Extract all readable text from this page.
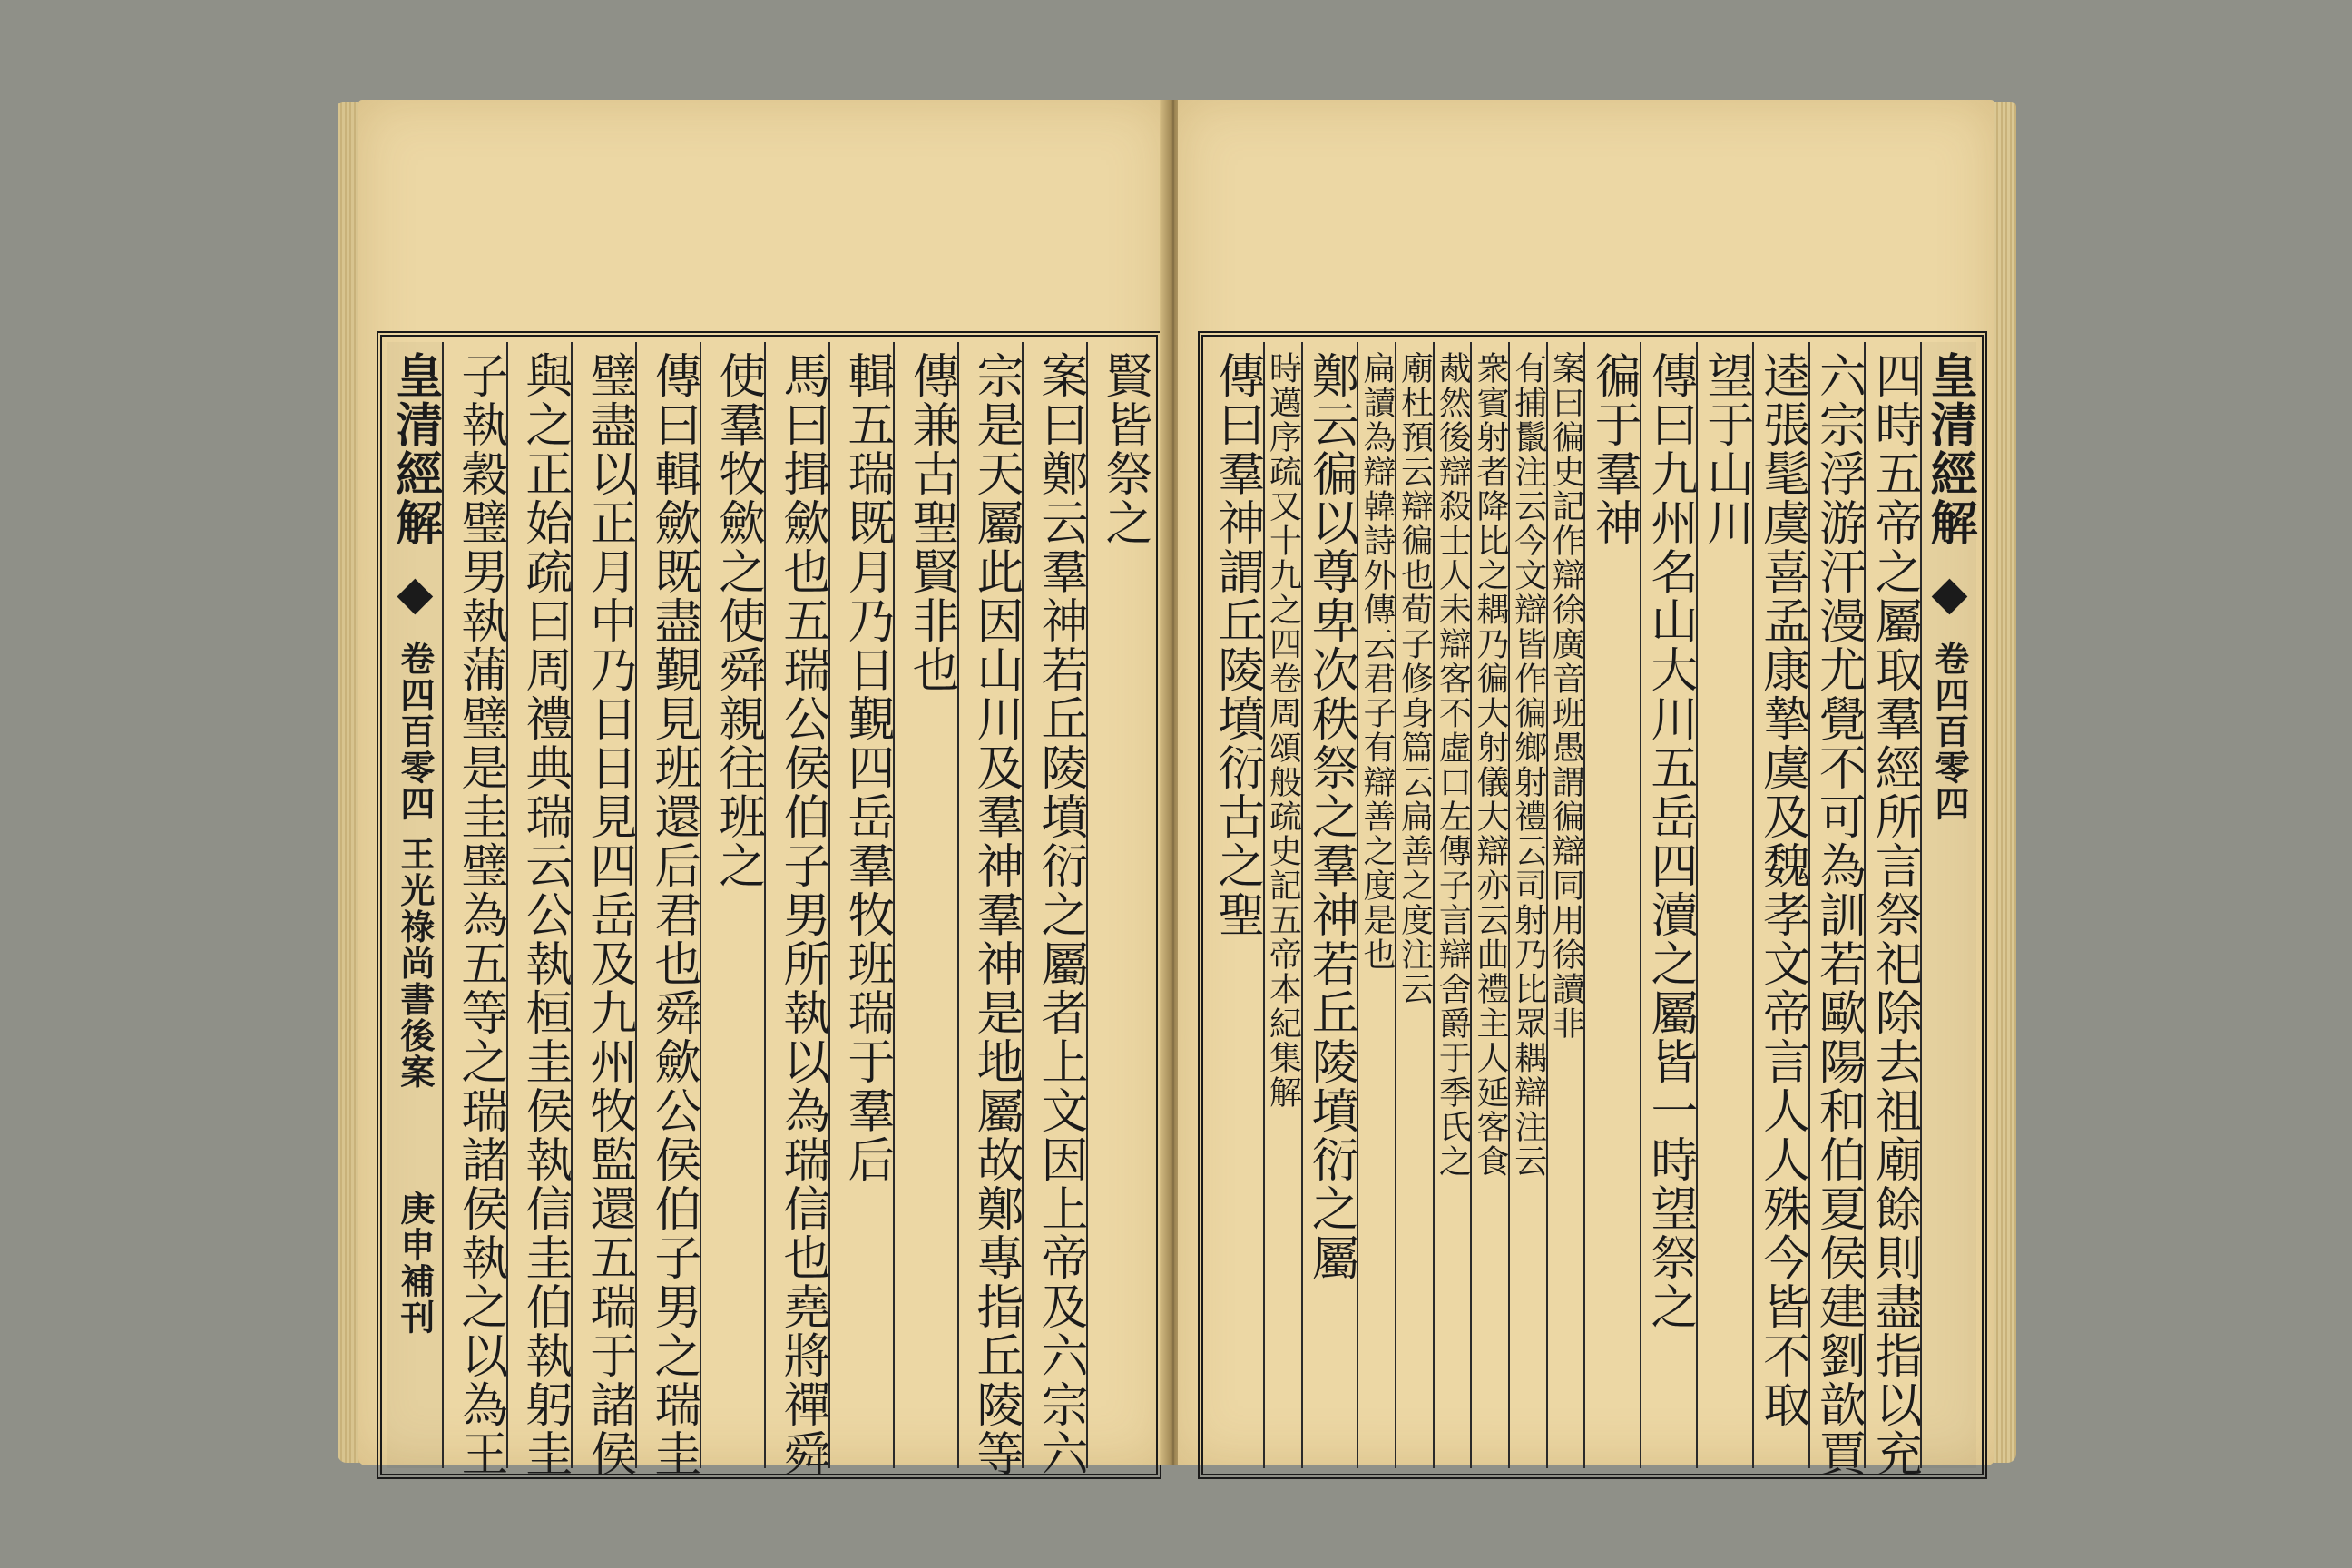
賢皆祭之
案曰鄭云羣神若丘陵墳衍之屬者上文因上帝及六宗六
宗是天屬此因山川及羣神羣神是地屬故鄭專指丘陵等
傳兼古聖賢非也
輯五瑞既月乃日覲四岳羣牧班瑞于羣后
馬曰揖歛也五瑞公侯伯子男所執以為瑞信也堯將禪舜
使羣牧歛之使舜親往班之
傳曰輯歛既盡覲見班還后君也舜歛公侯伯子男之瑞圭
璧盡以正月中乃日日見四岳及九州牧監還五瑞于諸侯
與之正始疏曰周禮典瑞云公執桓圭侯執信圭伯執躬圭
子執穀璧男執蒲璧是圭璧為五等之瑞諸侯執之以為王
皇清經解 ◆ 卷四百零四 王光祿尚書後案 庚申補刊
皇清經解 ◆ 卷四百零四
四時五帝之屬取羣經所言祭祀除去祖廟餘則盡指以充
六宗浮游汗漫尤覺不可為訓若歐陽和伯夏侯建劉歆賈
逵張髦虞喜孟康摯虞及魏孝文帝言人人殊今皆不取
望于山川
傳曰九州名山大川五岳四瀆之屬皆一時望祭之
徧于羣神
案曰徧史記作辯徐廣音班愚謂徧辯同用徐讀非
有捕鬛注云今文辯皆作徧鄉射禮云司射乃比眾耦辯注云
衆賓射者降比之耦乃徧大射儀大辯亦云曲禮主人延客食
胾然後辯殺士人未辯客不虛口左傳子言辯舍爵于季氏之
廟杜預云辯徧也荀子修身篇云扁善之度注云
扁讀為辯韓詩外傳云君子有辯善之度是也
鄭云徧以尊卑次秩祭之羣神若丘陵墳衍之屬
時邁序疏又十九之四卷周頌般疏史記五帝本紀集解
傳曰羣神謂丘陵墳衍古之聖
